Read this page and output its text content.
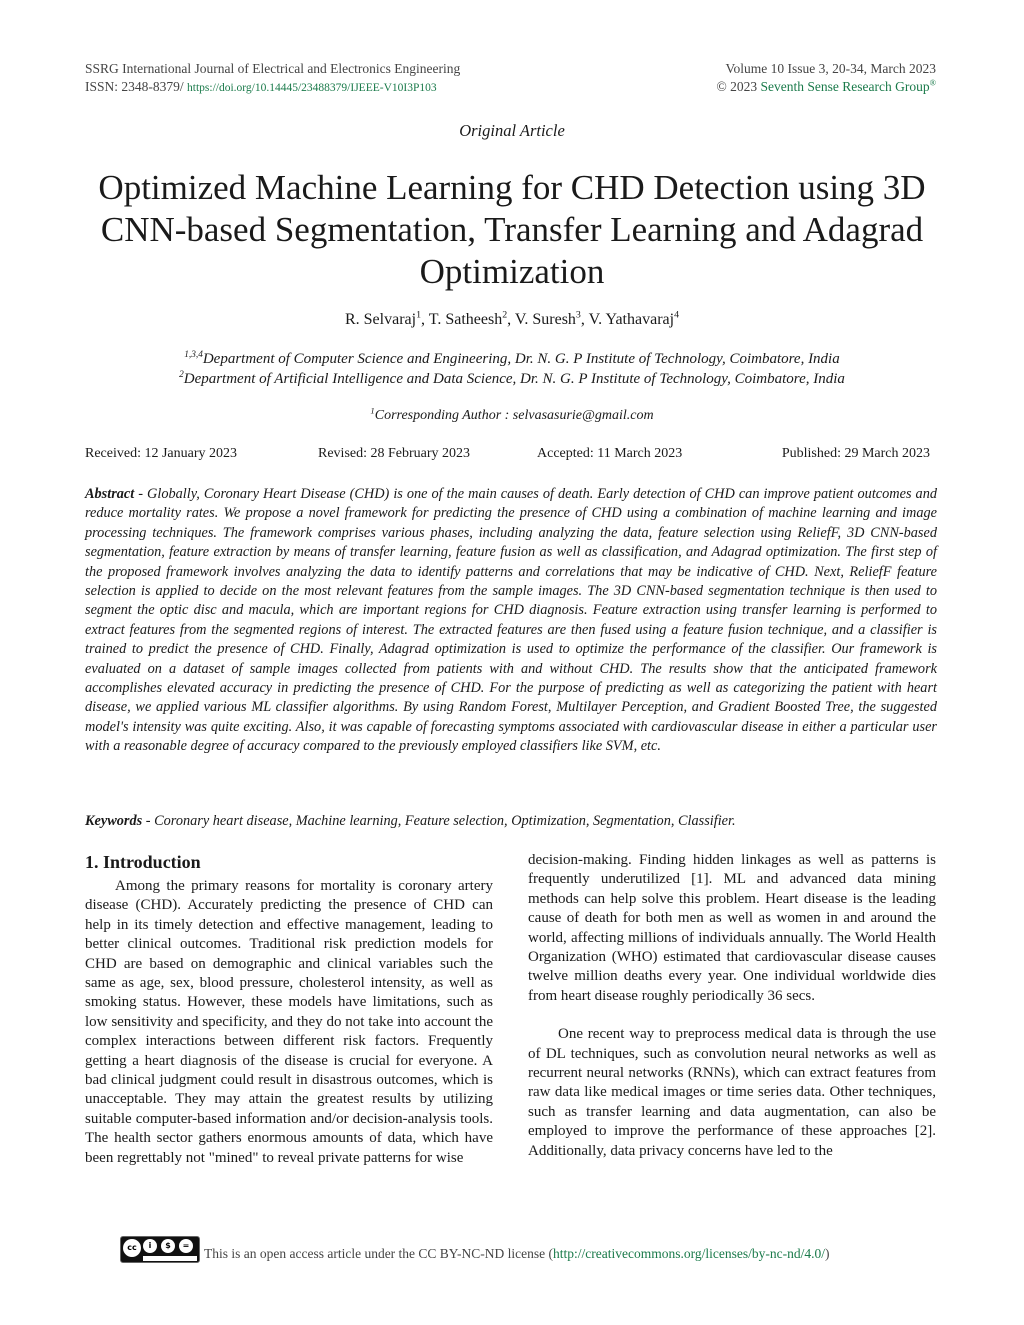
SSRG International Journal of Electrical and Electronics Engineering
ISSN: 2348-8379/ https://doi.org/10.14445/23488379/IJEEE-V10I3P103
Volume 10 Issue 3, 20-34, March 2023
© 2023 Seventh Sense Research Group®
Original Article
Optimized Machine Learning for CHD Detection using 3D CNN-based Segmentation, Transfer Learning and Adagrad Optimization
R. Selvaraj$^1$, T. Satheesh$^2$, V. Suresh$^3$, V. Yathavaraj$^4$
$^{1,3,4}$Department of Computer Science and Engineering, Dr. N. G. P Institute of Technology, Coimbatore, India
$^2$Department of Artificial Intelligence and Data Science, Dr. N. G. P Institute of Technology, Coimbatore, India
$^1$Corresponding Author : selvasasurie@gmail.com
Received: 12 January 2023	Revised: 28 February 2023	Accepted: 11 March 2023	Published: 29 March 2023
Abstract - Globally, Coronary Heart Disease (CHD) is one of the main causes of death. Early detection of CHD can improve patient outcomes and reduce mortality rates. We propose a novel framework for predicting the presence of CHD using a combination of machine learning and image processing techniques. The framework comprises various phases, including analyzing the data, feature selection using ReliefF, 3D CNN-based segmentation, feature extraction by means of transfer learning, feature fusion as well as classification, and Adagrad optimization. The first step of the proposed framework involves analyzing the data to identify patterns and correlations that may be indicative of CHD. Next, ReliefF feature selection is applied to decide on the most relevant features from the sample images. The 3D CNN-based segmentation technique is then used to segment the optic disc and macula, which are important regions for CHD diagnosis. Feature extraction using transfer learning is performed to extract features from the segmented regions of interest. The extracted features are then fused using a feature fusion technique, and a classifier is trained to predict the presence of CHD. Finally, Adagrad optimization is used to optimize the performance of the classifier. Our framework is evaluated on a dataset of sample images collected from patients with and without CHD. The results show that the anticipated framework accomplishes elevated accuracy in predicting the presence of CHD. For the purpose of predicting as well as categorizing the patient with heart disease, we applied various ML classifier algorithms. By using Random Forest, Multilayer Perception, and Gradient Boosted Tree, the suggested model's intensity was quite exciting. Also, it was capable of forecasting symptoms associated with cardiovascular disease in either a particular user with a reasonable degree of accuracy compared to the previously employed classifiers like SVM, etc.
Keywords - Coronary heart disease, Machine learning, Feature selection, Optimization, Segmentation, Classifier.
1. Introduction

Among the primary reasons for mortality is coronary artery disease (CHD). Accurately predicting the presence of CHD can help in its timely detection and effective management, leading to better clinical outcomes. Traditional risk prediction models for CHD are based on demographic and clinical variables such the same as age, sex, blood pressure, cholesterol intensity, as well as smoking status. However, these models have limitations, such as low sensitivity and specificity, and they do not take into account the complex interactions between different risk factors. Frequently getting a heart diagnosis of the disease is crucial for everyone. A bad clinical judgment could result in disastrous outcomes, which is unacceptable. They may attain the greatest results by utilizing suitable computer-based information and/or decision-analysis tools. The health sector gathers enormous amounts of data, which have been regrettably not "mined" to reveal private patterns for wise

decision-making. Finding hidden linkages as well as patterns is frequently underutilized [1]. ML and advanced data mining methods can help solve this problem. Heart disease is the leading cause of death for both men as well as women in and around the world, affecting millions of individuals annually. The World Health Organization (WHO) estimated that cardiovascular disease causes twelve million deaths every year. One individual worldwide dies from heart disease roughly periodically 36 secs.

One recent way to preprocess medical data is through the use of DL techniques, such as convolution neural networks as well as recurrent neural networks (RNNs), which can extract features from raw data like medical images or time series data. Other techniques, such as transfer learning and data augmentation, can also be employed to improve the performance of these approaches [2]. Additionally, data privacy concerns have led to the

cc	i	$	=
This is an open access article under the CC BY-NC-ND license (http://creativecommons.org/licenses/by-nc-nd/4.0/)
